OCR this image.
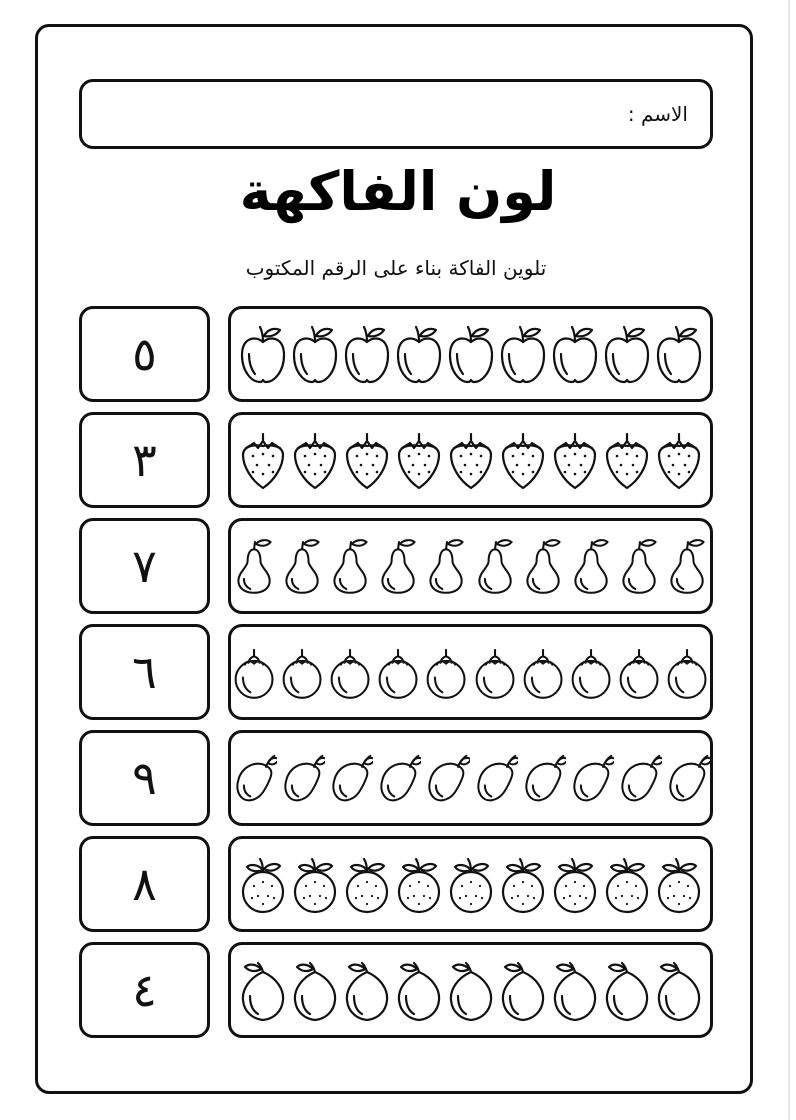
الاسم :
لون الفاكهة
تلوين الفاكة بناء على الرقم المكتوب
٥
٣
٧
٦
٩
٨
٤
